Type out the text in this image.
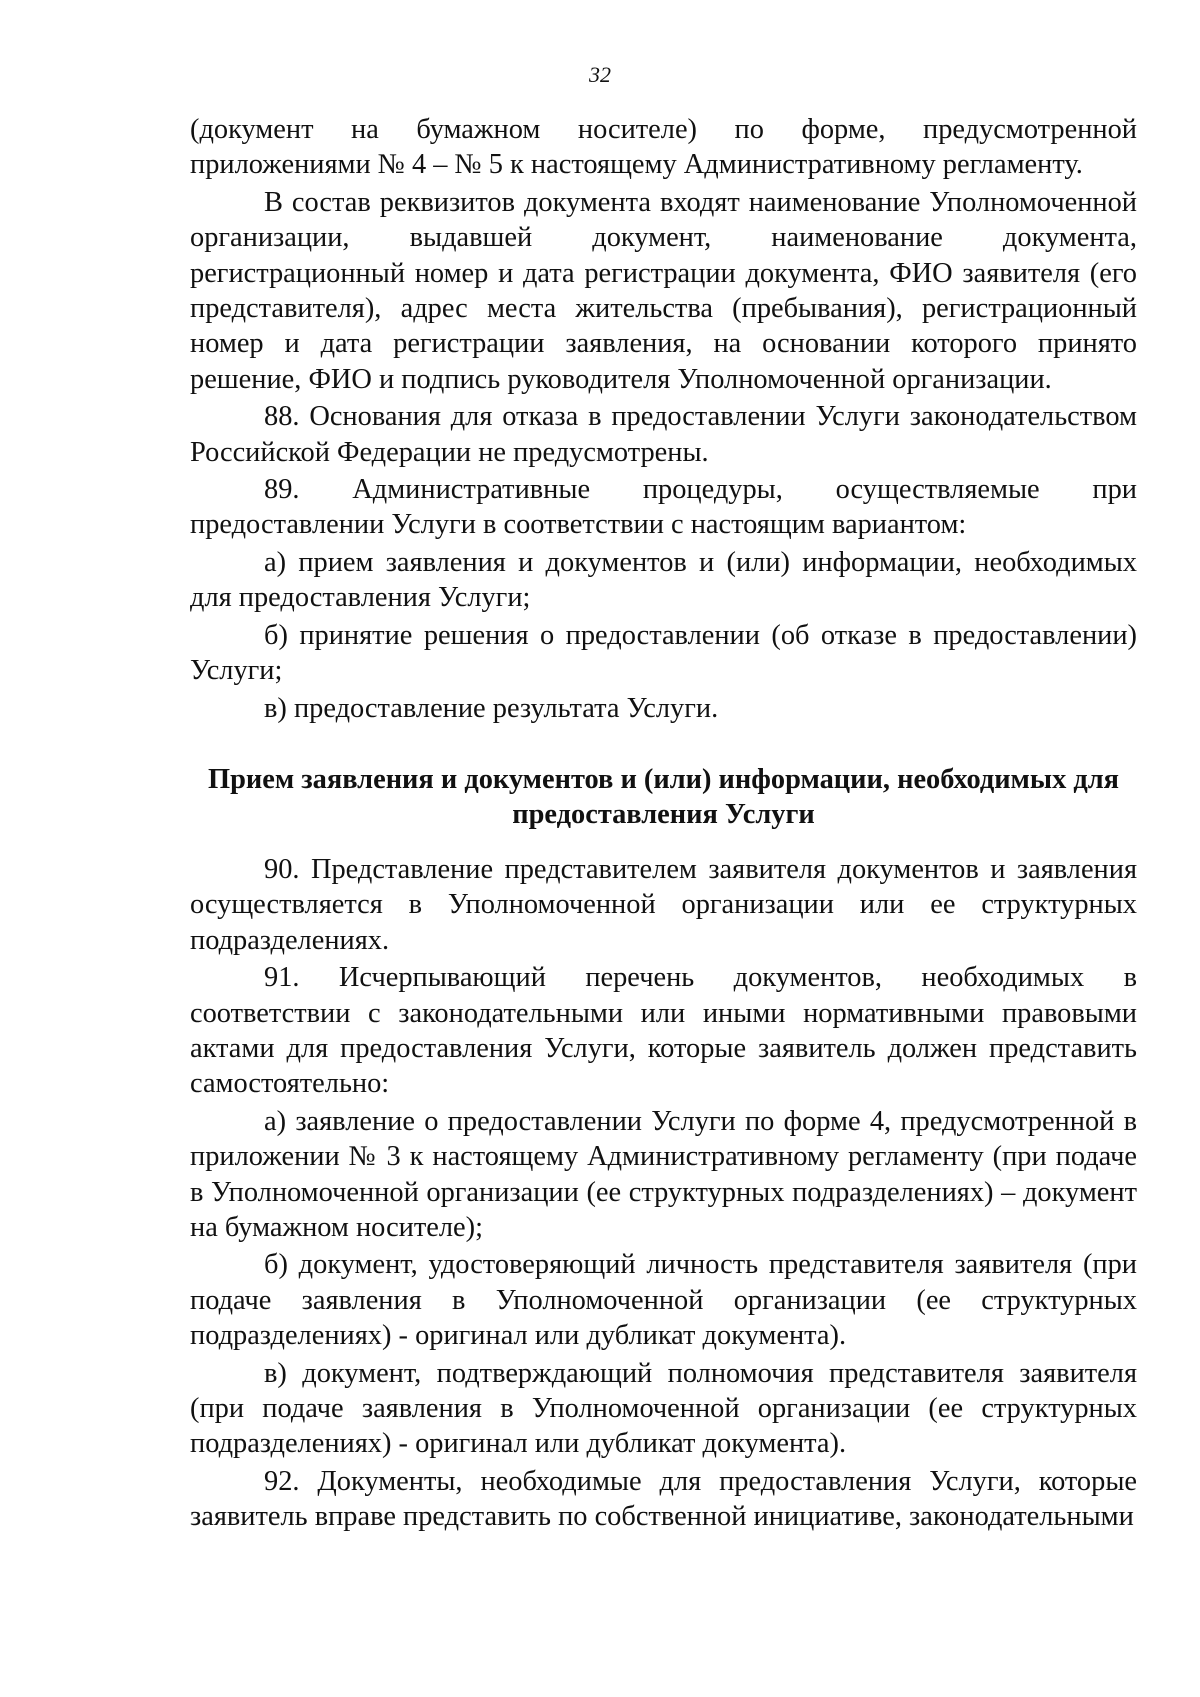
32

(документ на бумажном носителе) по форме, предусмотренной приложениями № 4 – № 5 к настоящему Административному регламенту.

В состав реквизитов документа входят наименование Уполномоченной организации, выдавшей документ, наименование документа, регистрационный номер и дата регистрации документа, ФИО заявителя (его представителя), адрес места жительства (пребывания), регистрационный номер и дата регистрации заявления, на основании которого принято решение, ФИО и подпись руководителя Уполномоченной организации.

88. Основания для отказа в предоставлении Услуги законодательством Российской Федерации не предусмотрены.

89. Административные процедуры, осуществляемые при предоставлении Услуги в соответствии с настоящим вариантом:

а) прием заявления и документов и (или) информации, необходимых для предоставления Услуги;

б) принятие решения о предоставлении (об отказе в предоставлении) Услуги;

в) предоставление результата Услуги.

Прием заявления и документов и (или) информации, необходимых для
предоставления Услуги

90. Представление представителем заявителя документов и заявления осуществляется в Уполномоченной организации или ее структурных подразделениях.

91. Исчерпывающий перечень документов, необходимых в соответствии с законодательными или иными нормативными правовыми актами для предоставления Услуги, которые заявитель должен представить самостоятельно:

а) заявление о предоставлении Услуги по форме 4, предусмотренной в приложении № 3 к настоящему Административному регламенту (при подаче в Уполномоченной организации (ее структурных подразделениях) – документ на бумажном носителе);

б) документ, удостоверяющий личность представителя заявителя (при подаче заявления в Уполномоченной организации (ее структурных подразделениях) - оригинал или дубликат документа).

в) документ, подтверждающий полномочия представителя заявителя (при подаче заявления в Уполномоченной организации (ее структурных подразделениях) - оригинал или дубликат документа).

92. Документы, необходимые для предоставления Услуги, которые заявитель вправе представить по собственной инициативе, законодательными
